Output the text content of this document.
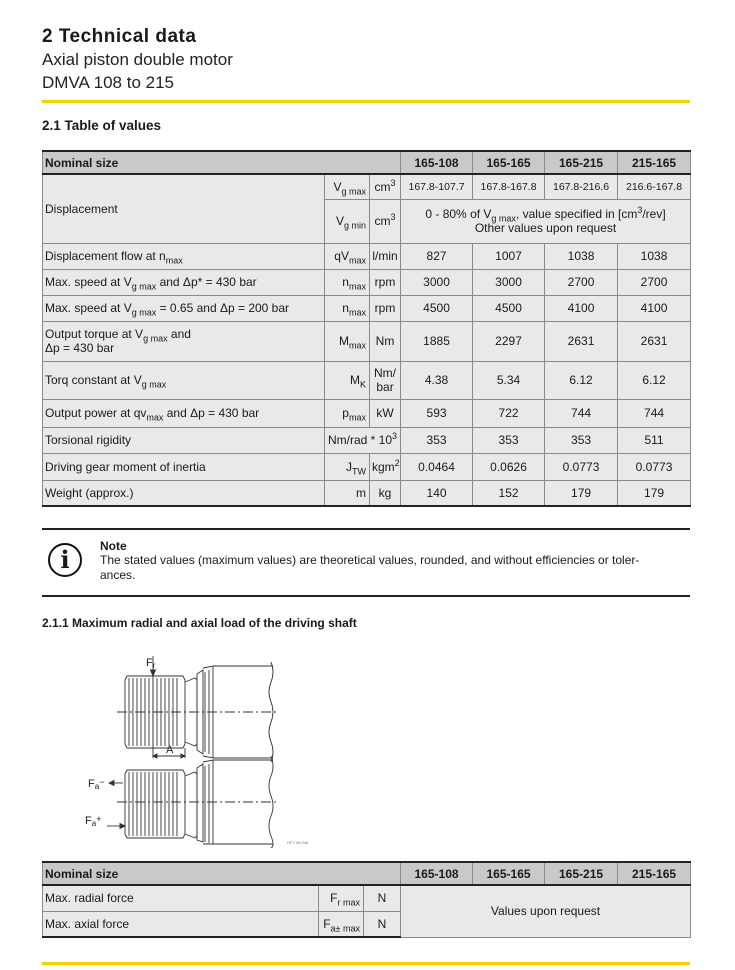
2 Technical data
Axial piston double motor
DMVA 108 to 215
2.1 Table of values
Nominal size			165-108	165-165	165-215	215-165
Displacement	$V_{g max}$	$cm^3$	167.8-107.7	167.8-167.8	167.8-216.6	216.6-167.8
	$V_{g min}$	$cm^3$	0 - 80% of $V_{g max}$, value specified in $[cm^3/rev]$
Other values upon request			
Displacement flow at $n_{max}$	$qV_{max}$	l/min	827	1007	1038	1038
Max. speed at $V_{g max}$ and Δp* = 430 bar	$n_{max}$	rpm	3000	3000	2700	2700
Max. speed at $V_{g max} = 0.65$ and Δp = 200 bar	$n_{max}$	rpm	4500	4500	4100	4100
Output torque at $V_{g max}$ and
Δp = 430 bar	$M_{max}$	Nm	1885	2297	2631	2631
Torq constant at $V_{g max}$	$M_K$	Nm/
bar	4.38	5.34	6.12	6.12
Output power at $qv_{max}$ and Δp = 430 bar	$p_{max}$	kW	593	722	744	744
Torsional rigidity	$Nm/rad * 10^3$		353	353	353	511
Driving gear moment of inertia	$J_{TW}$	kgm$^2$	0.0464	0.0626	0.0773	0.0773
Weight (approx.)	m	kg	140	152	179	179
i	Note
The stated values (maximum values) are theoretical values, rounded, and without efficiencies or toler-
ances.
2.1.1 Maximum radial and axial load of the driving shaft
Fr
A
Fa−
Fa+
HF7-08-048
Nominal size			165-108	165-165	165-215	215-165
Max. radial force	$F_{r max}$	N	Values upon request			
Max. axial force	$F_{a\pm max}$	N				
